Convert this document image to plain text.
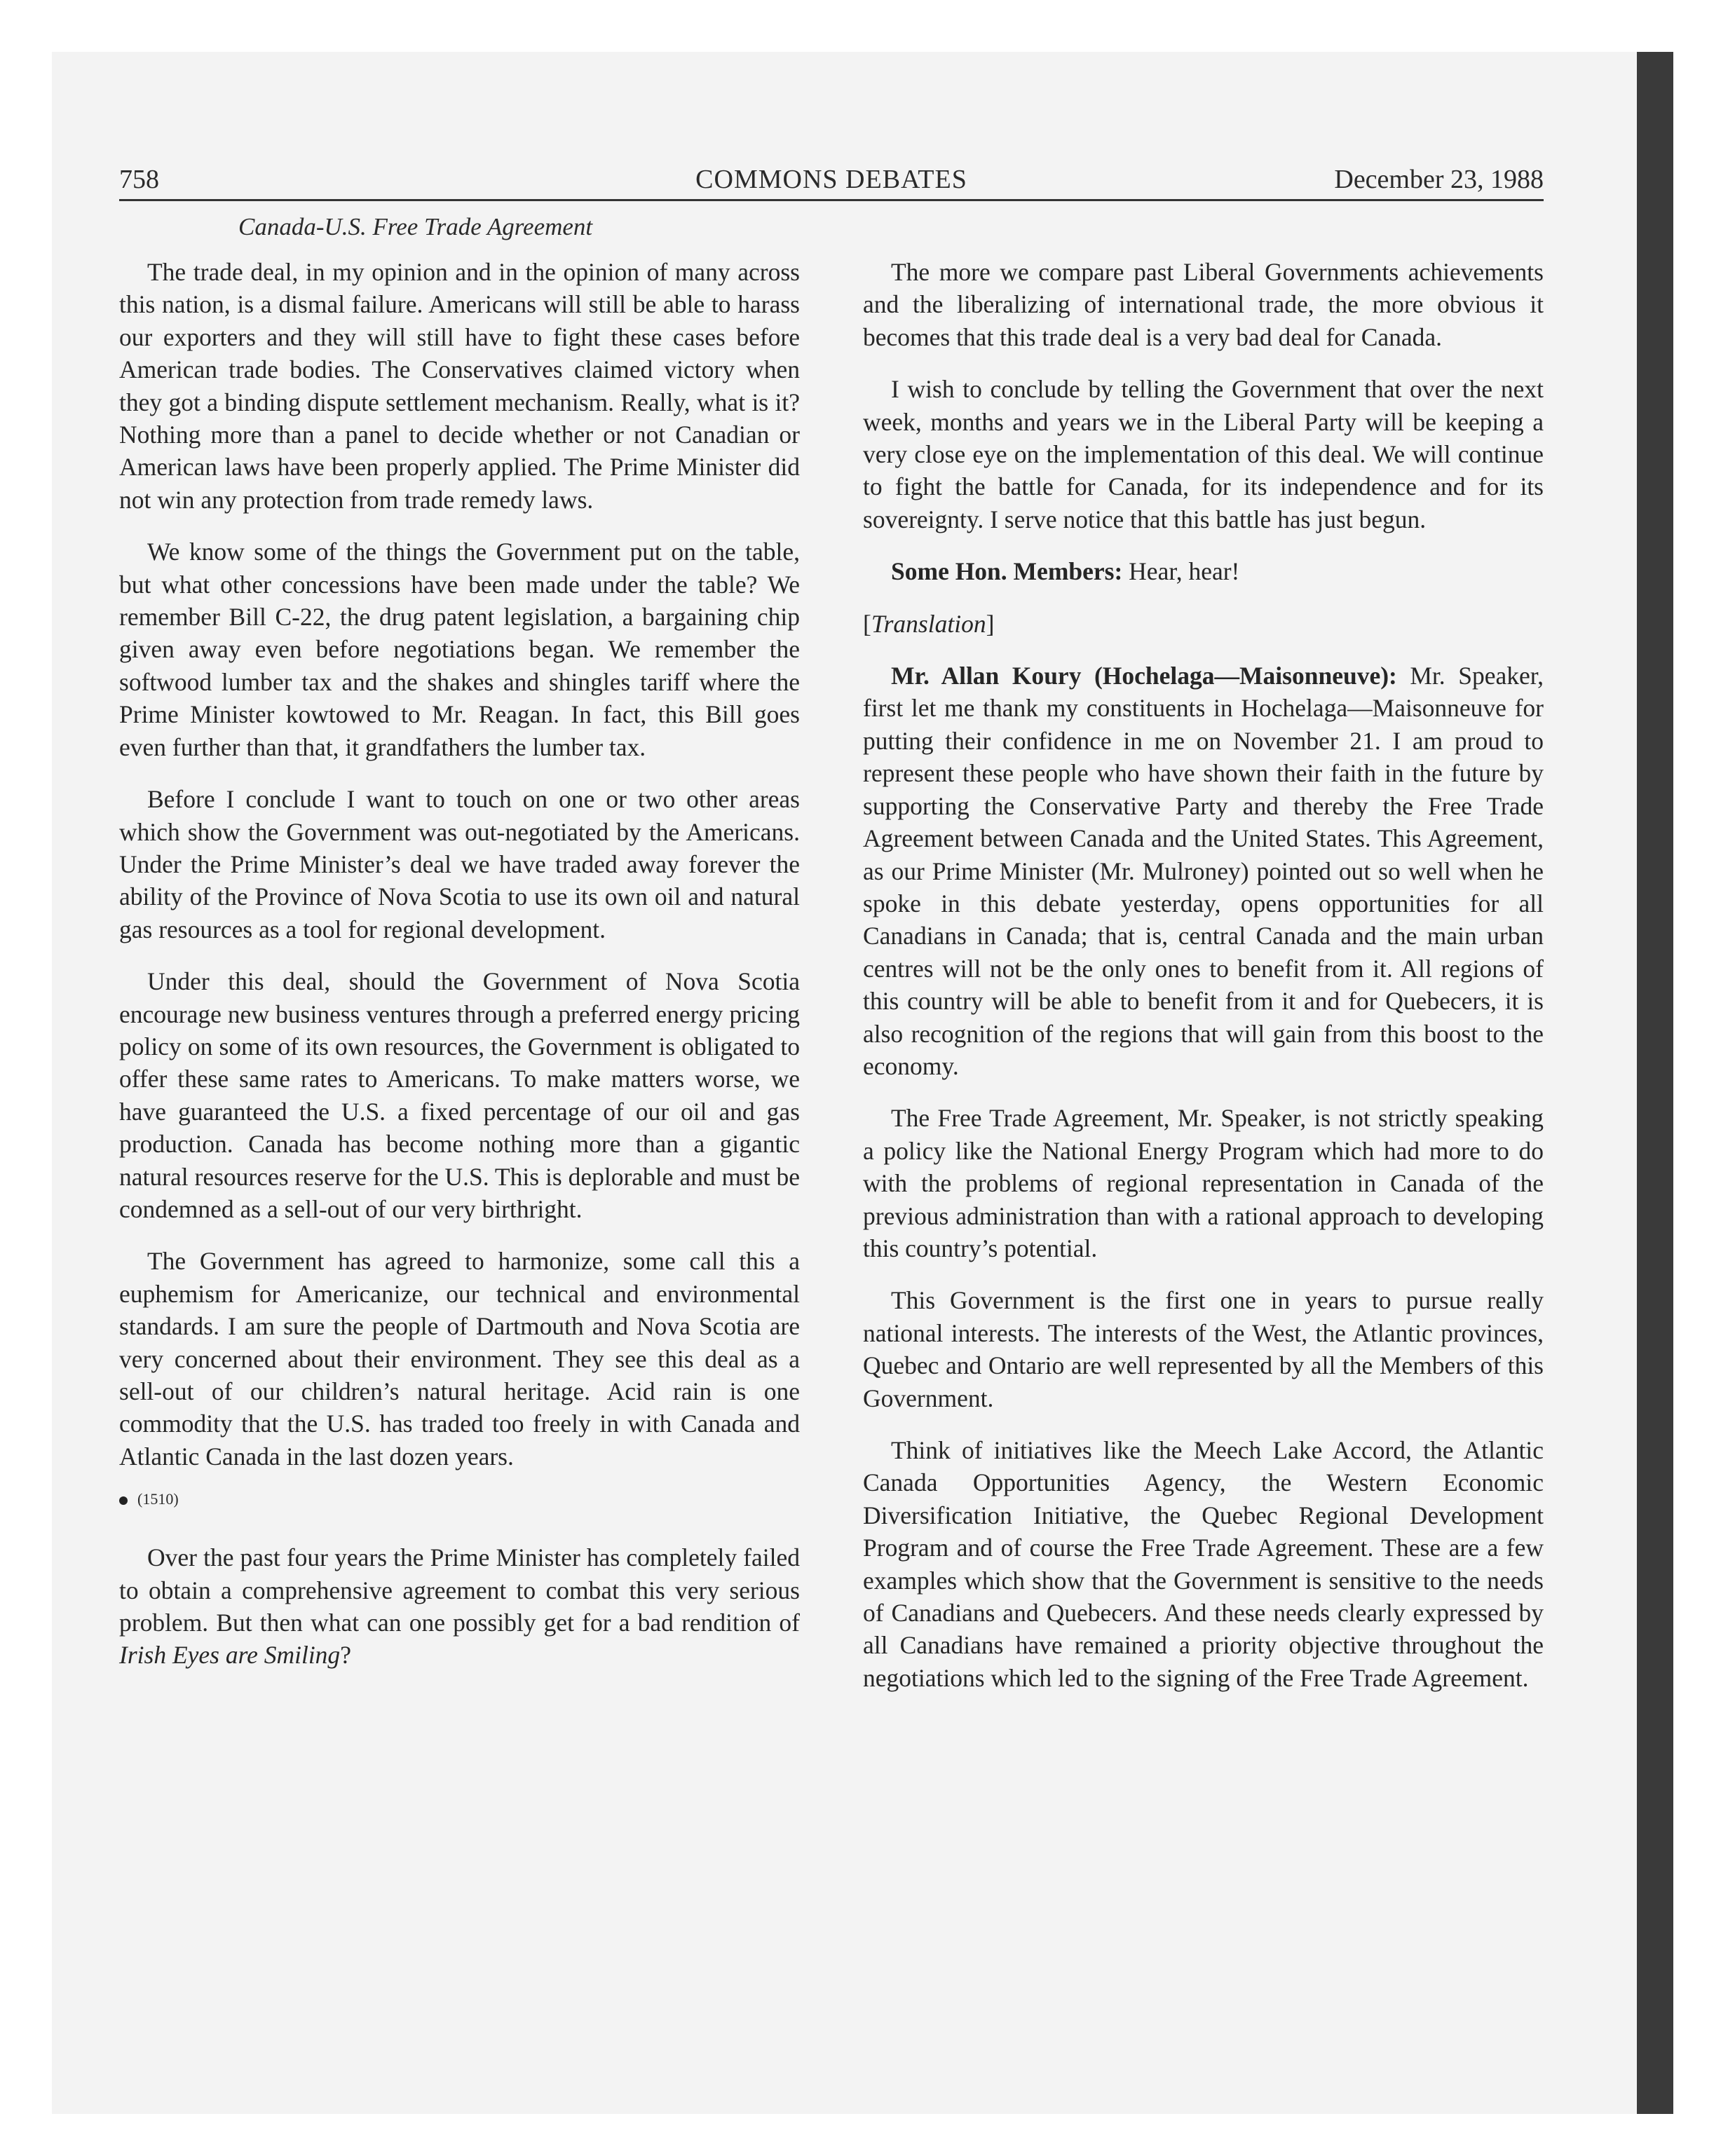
758	COMMONS DEBATES	December 23, 1988
Canada-U.S. Free Trade Agreement

The trade deal, in my opinion and in the opinion of many across this nation, is a dismal failure. Americans will still be able to harass our exporters and they will still have to fight these cases before American trade bodies. The Conservatives claimed victory when they got a binding dispute settlement mechanism. Really, what is it? Nothing more than a panel to decide whether or not Canadian or American laws have been properly applied. The Prime Minister did not win any protection from trade remedy laws.

We know some of the things the Government put on the table, but what other concessions have been made under the table? We remember Bill C-22, the drug patent legislation, a bargaining chip given away even before negotiations began. We remember the softwood lumber tax and the shakes and shingles tariff where the Prime Minister kowtowed to Mr. Reagan. In fact, this Bill goes even further than that, it grandfathers the lumber tax.

Before I conclude I want to touch on one or two other areas which show the Government was out-negotiated by the Americans. Under the Prime Minister’s deal we have traded away forever the ability of the Province of Nova Scotia to use its own oil and natural gas resources as a tool for regional development.

Under this deal, should the Government of Nova Scotia encourage new business ventures through a preferred energy pricing policy on some of its own resources, the Government is obligated to offer these same rates to Americans. To make matters worse, we have guaranteed the U.S. a fixed percentage of our oil and gas production. Canada has become nothing more than a gigantic natural resources reserve for the U.S. This is deplorable and must be condemned as a sell-out of our very birthright.

The Government has agreed to harmonize, some call this a euphemism for Americanize, our technical and environmental standards. I am sure the people of Dartmouth and Nova Scotia are very concerned about their environment. They see this deal as a sell-out of our children’s natural heritage. Acid rain is one commodity that the U.S. has traded too freely in with Canada and Atlantic Canada in the last dozen years.

(1510)

Over the past four years the Prime Minister has completely failed to obtain a comprehensive agreement to combat this very serious problem. But then what can one possibly get for a bad rendition of Irish Eyes are Smiling?

The more we compare past Liberal Governments achievements and the liberalizing of international trade, the more obvious it becomes that this trade deal is a very bad deal for Canada.

I wish to conclude by telling the Government that over the next week, months and years we in the Liberal Party will be keeping a very close eye on the implementation of this deal. We will continue to fight the battle for Canada, for its independence and for its sovereignty. I serve notice that this battle has just begun.

Some Hon. Members: Hear, hear!

[Translation]

Mr. Allan Koury (Hochelaga—Maisonneuve): Mr. Speaker, first let me thank my constituents in Hochelaga—Maisonneuve for putting their confidence in me on November 21. I am proud to represent these people who have shown their faith in the future by supporting the Conservative Party and thereby the Free Trade Agreement between Canada and the United States. This Agreement, as our Prime Minister (Mr. Mulroney) pointed out so well when he spoke in this debate yesterday, opens opportunities for all Canadians in Canada; that is, central Canada and the main urban centres will not be the only ones to benefit from it. All regions of this country will be able to benefit from it and for Quebecers, it is also recognition of the regions that will gain from this boost to the economy.

The Free Trade Agreement, Mr. Speaker, is not strictly speaking a policy like the National Energy Program which had more to do with the problems of regional representation in Canada of the previous administration than with a rational approach to developing this country’s potential.

This Government is the first one in years to pursue really national interests. The interests of the West, the Atlantic provinces, Quebec and Ontario are well represented by all the Members of this Government.

Think of initiatives like the Meech Lake Accord, the Atlantic Canada Opportunities Agency, the Western Economic Diversification Initiative, the Quebec Regional Development Program and of course the Free Trade Agreement. These are a few examples which show that the Government is sensitive to the needs of Canadians and Quebecers. And these needs clearly expressed by all Canadians have remained a priority objective throughout the negotiations which led to the signing of the Free Trade Agreement.
